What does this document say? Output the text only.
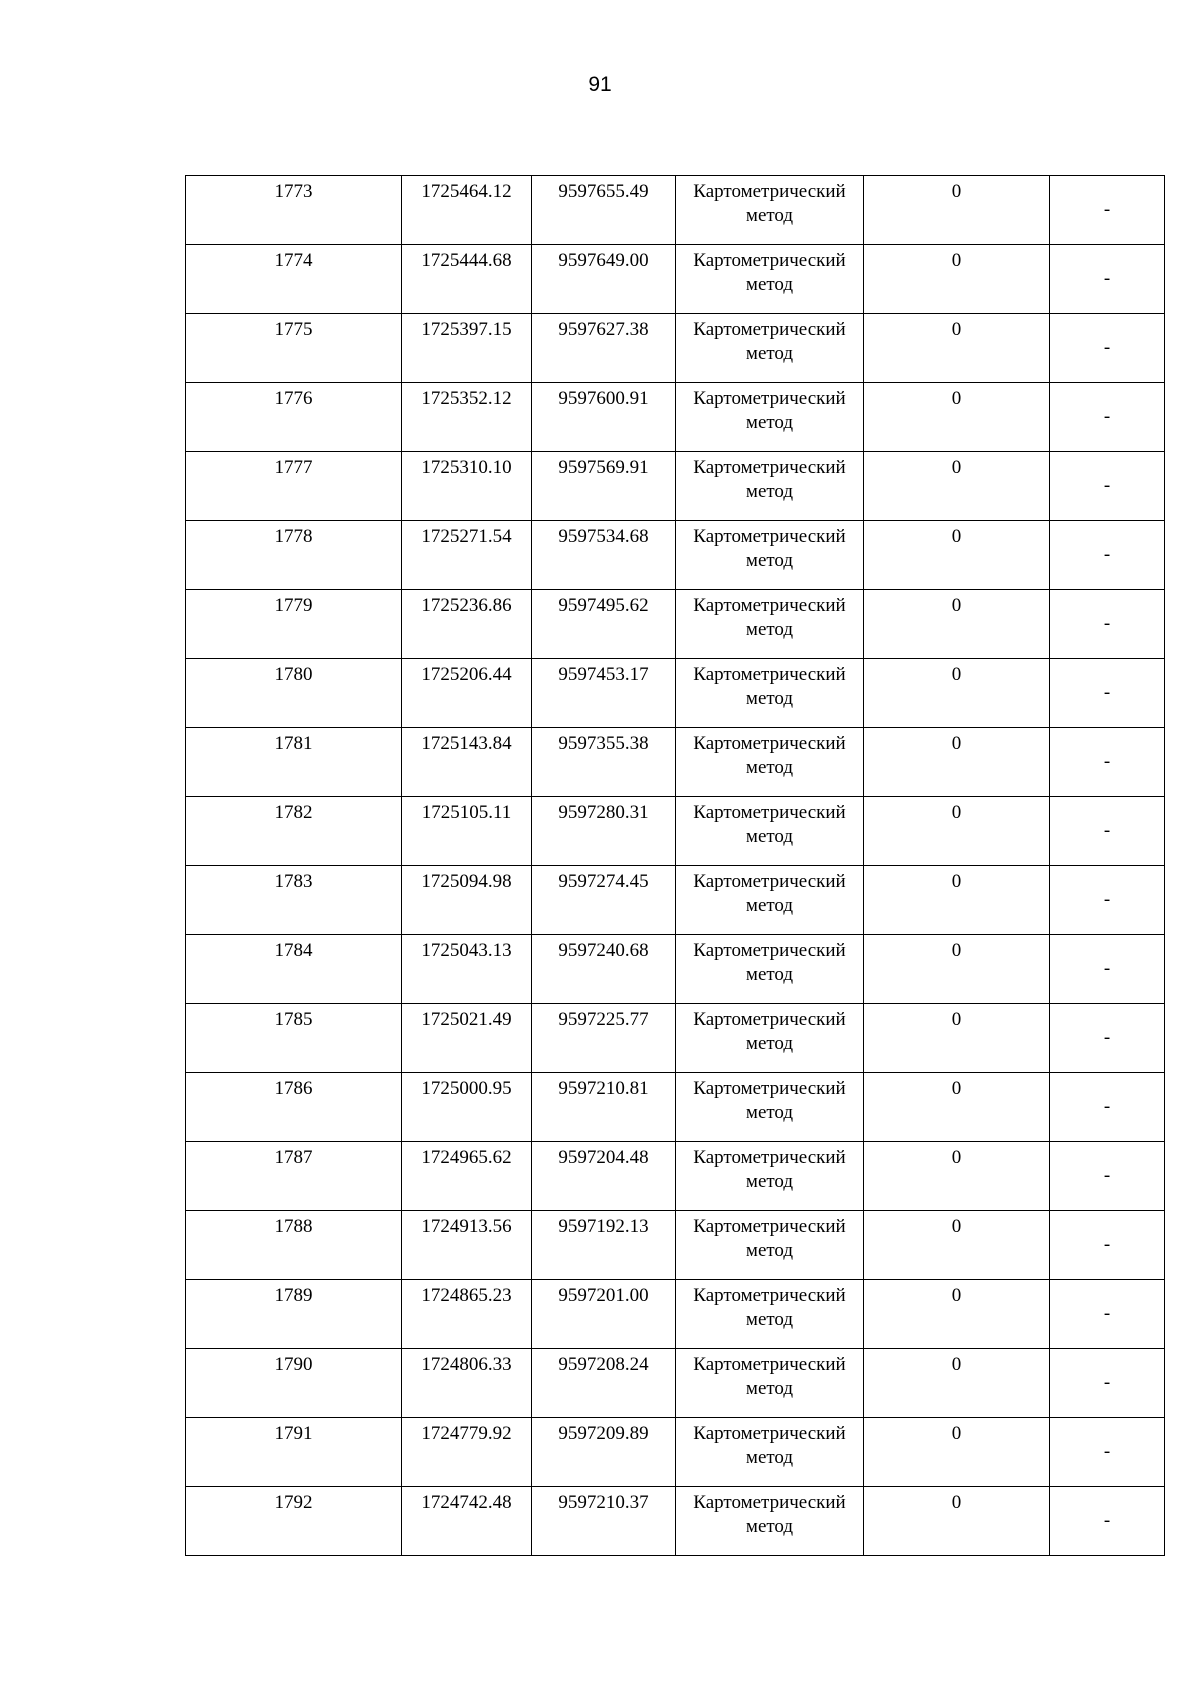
91
1773	1725464.12	9597655.49	Картометрический метод	0	-

1774	1725444.68	9597649.00	Картометрический метод	0	-

1775	1725397.15	9597627.38	Картометрический метод	0	-

1776	1725352.12	9597600.91	Картометрический метод	0	-

1777	1725310.10	9597569.91	Картометрический метод	0	-

1778	1725271.54	9597534.68	Картометрический метод	0	-

1779	1725236.86	9597495.62	Картометрический метод	0	-

1780	1725206.44	9597453.17	Картометрический метод	0	-

1781	1725143.84	9597355.38	Картометрический метод	0	-

1782	1725105.11	9597280.31	Картометрический метод	0	-

1783	1725094.98	9597274.45	Картометрический метод	0	-

1784	1725043.13	9597240.68	Картометрический метод	0	-

1785	1725021.49	9597225.77	Картометрический метод	0	-

1786	1725000.95	9597210.81	Картометрический метод	0	-

1787	1724965.62	9597204.48	Картометрический метод	0	-

1788	1724913.56	9597192.13	Картометрический метод	0	-

1789	1724865.23	9597201.00	Картометрический метод	0	-

1790	1724806.33	9597208.24	Картометрический метод	0	-

1791	1724779.92	9597209.89	Картометрический метод	0	-

1792	1724742.48	9597210.37	Картометрический метод	0	-
